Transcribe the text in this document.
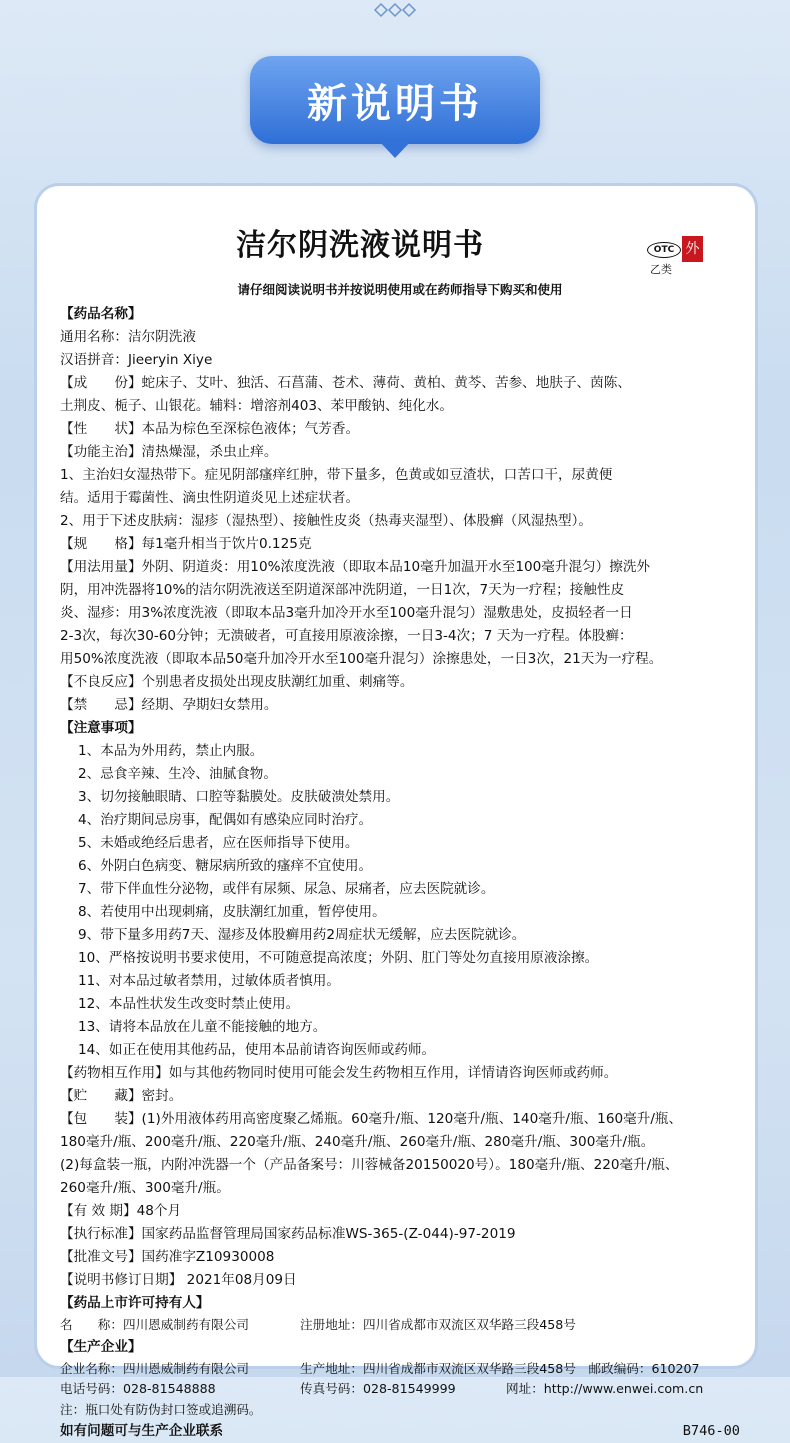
新说明书
洁尔阴洗液说明书	OTC 外
乙类
请仔细阅读说明书并按说明使用或在药师指导下购买和使用
【药品名称】
通用名称：洁尔阴洗液
汉语拼音：Jieeryin Xiye
【成　　份】蛇床子、艾叶、独活、石菖蒲、苍术、薄荷、黄柏、黄芩、苦参、地肤子、茵陈、
土荆皮、栀子、山银花。辅料：增溶剂403、苯甲酸钠、纯化水。
【性　　状】本品为棕色至深棕色液体；气芳香。
【功能主治】清热燥湿，杀虫止痒。
1、主治妇女湿热带下。症见阴部瘙痒红肿，带下量多，色黄或如豆渣状，口苦口干，尿黄便
结。适用于霉菌性、滴虫性阴道炎见上述症状者。
2、用于下述皮肤病：湿疹（湿热型）、接触性皮炎（热毒夹湿型）、体股癣（风湿热型）。
【规　　格】每1毫升相当于饮片0.125克
【用法用量】外阴、阴道炎：用10%浓度洗液（即取本品10毫升加温开水至100毫升混匀）擦洗外
阴，用冲洗器将10%的洁尔阴洗液送至阴道深部冲洗阴道，一日1次，7天为一疗程；接触性皮
炎、湿疹：用3%浓度洗液（即取本品3毫升加冷开水至100毫升混匀）湿敷患处，皮损轻者一日
2-3次，每次30-60分钟；无溃破者，可直接用原液涂擦，一日3-4次；7 天为一疗程。体股癣：
用50%浓度洗液（即取本品50毫升加冷开水至100毫升混匀）涂擦患处，一日3次，21天为一疗程。
【不良反应】个别患者皮损处出现皮肤潮红加重、刺痛等。
【禁　　忌】经期、孕期妇女禁用。
【注意事项】
1、本品为外用药，禁止内服。
2、忌食辛辣、生冷、油腻食物。
3、切勿接触眼睛、口腔等黏膜处。皮肤破溃处禁用。
4、治疗期间忌房事，配偶如有感染应同时治疗。
5、未婚或绝经后患者，应在医师指导下使用。
6、外阴白色病变、糖尿病所致的瘙痒不宜使用。
7、带下伴血性分泌物，或伴有尿频、尿急、尿痛者，应去医院就诊。
8、若使用中出现刺痛，皮肤潮红加重，暂停使用。
9、带下量多用药7天、湿疹及体股癣用药2周症状无缓解，应去医院就诊。
10、严格按说明书要求使用，不可随意提高浓度；外阴、肛门等处勿直接用原液涂擦。
11、对本品过敏者禁用，过敏体质者慎用。
12、本品性状发生改变时禁止使用。
13、请将本品放在儿童不能接触的地方。
14、如正在使用其他药品，使用本品前请咨询医师或药师。
【药物相互作用】如与其他药物同时使用可能会发生药物相互作用，详情请咨询医师或药师。
【贮　　藏】密封。
【包　　装】(1)外用液体药用高密度聚乙烯瓶。60毫升/瓶、120毫升/瓶、140毫升/瓶、160毫升/瓶、
180毫升/瓶、200毫升/瓶、220毫升/瓶、240毫升/瓶、260毫升/瓶、280毫升/瓶、300毫升/瓶。
(2)每盒装一瓶，内附冲洗器一个（产品备案号：川蓉械备20150020号）。180毫升/瓶、220毫升/瓶、
260毫升/瓶、300毫升/瓶。
【有 效 期】48个月
【执行标准】国家药品监督管理局国家药品标准WS-365-(Z-044)-97-2019
【批准文号】国药准字Z10930008
【说明书修订日期】 2021年08月09日
【药品上市许可持有人】
名　　称：四川恩威制药有限公司	注册地址：四川省成都市双流区双华路三段458号
【生产企业】
企业名称：四川恩威制药有限公司	生产地址：四川省成都市双流区双华路三段458号　邮政编码：610207
电话号码：028-81548888	传真号码：028-81549999　　　　网址：http://www.enwei.com.cn
注：瓶口处有防伪封口签或追溯码。
如有问题可与生产企业联系	B746-00
